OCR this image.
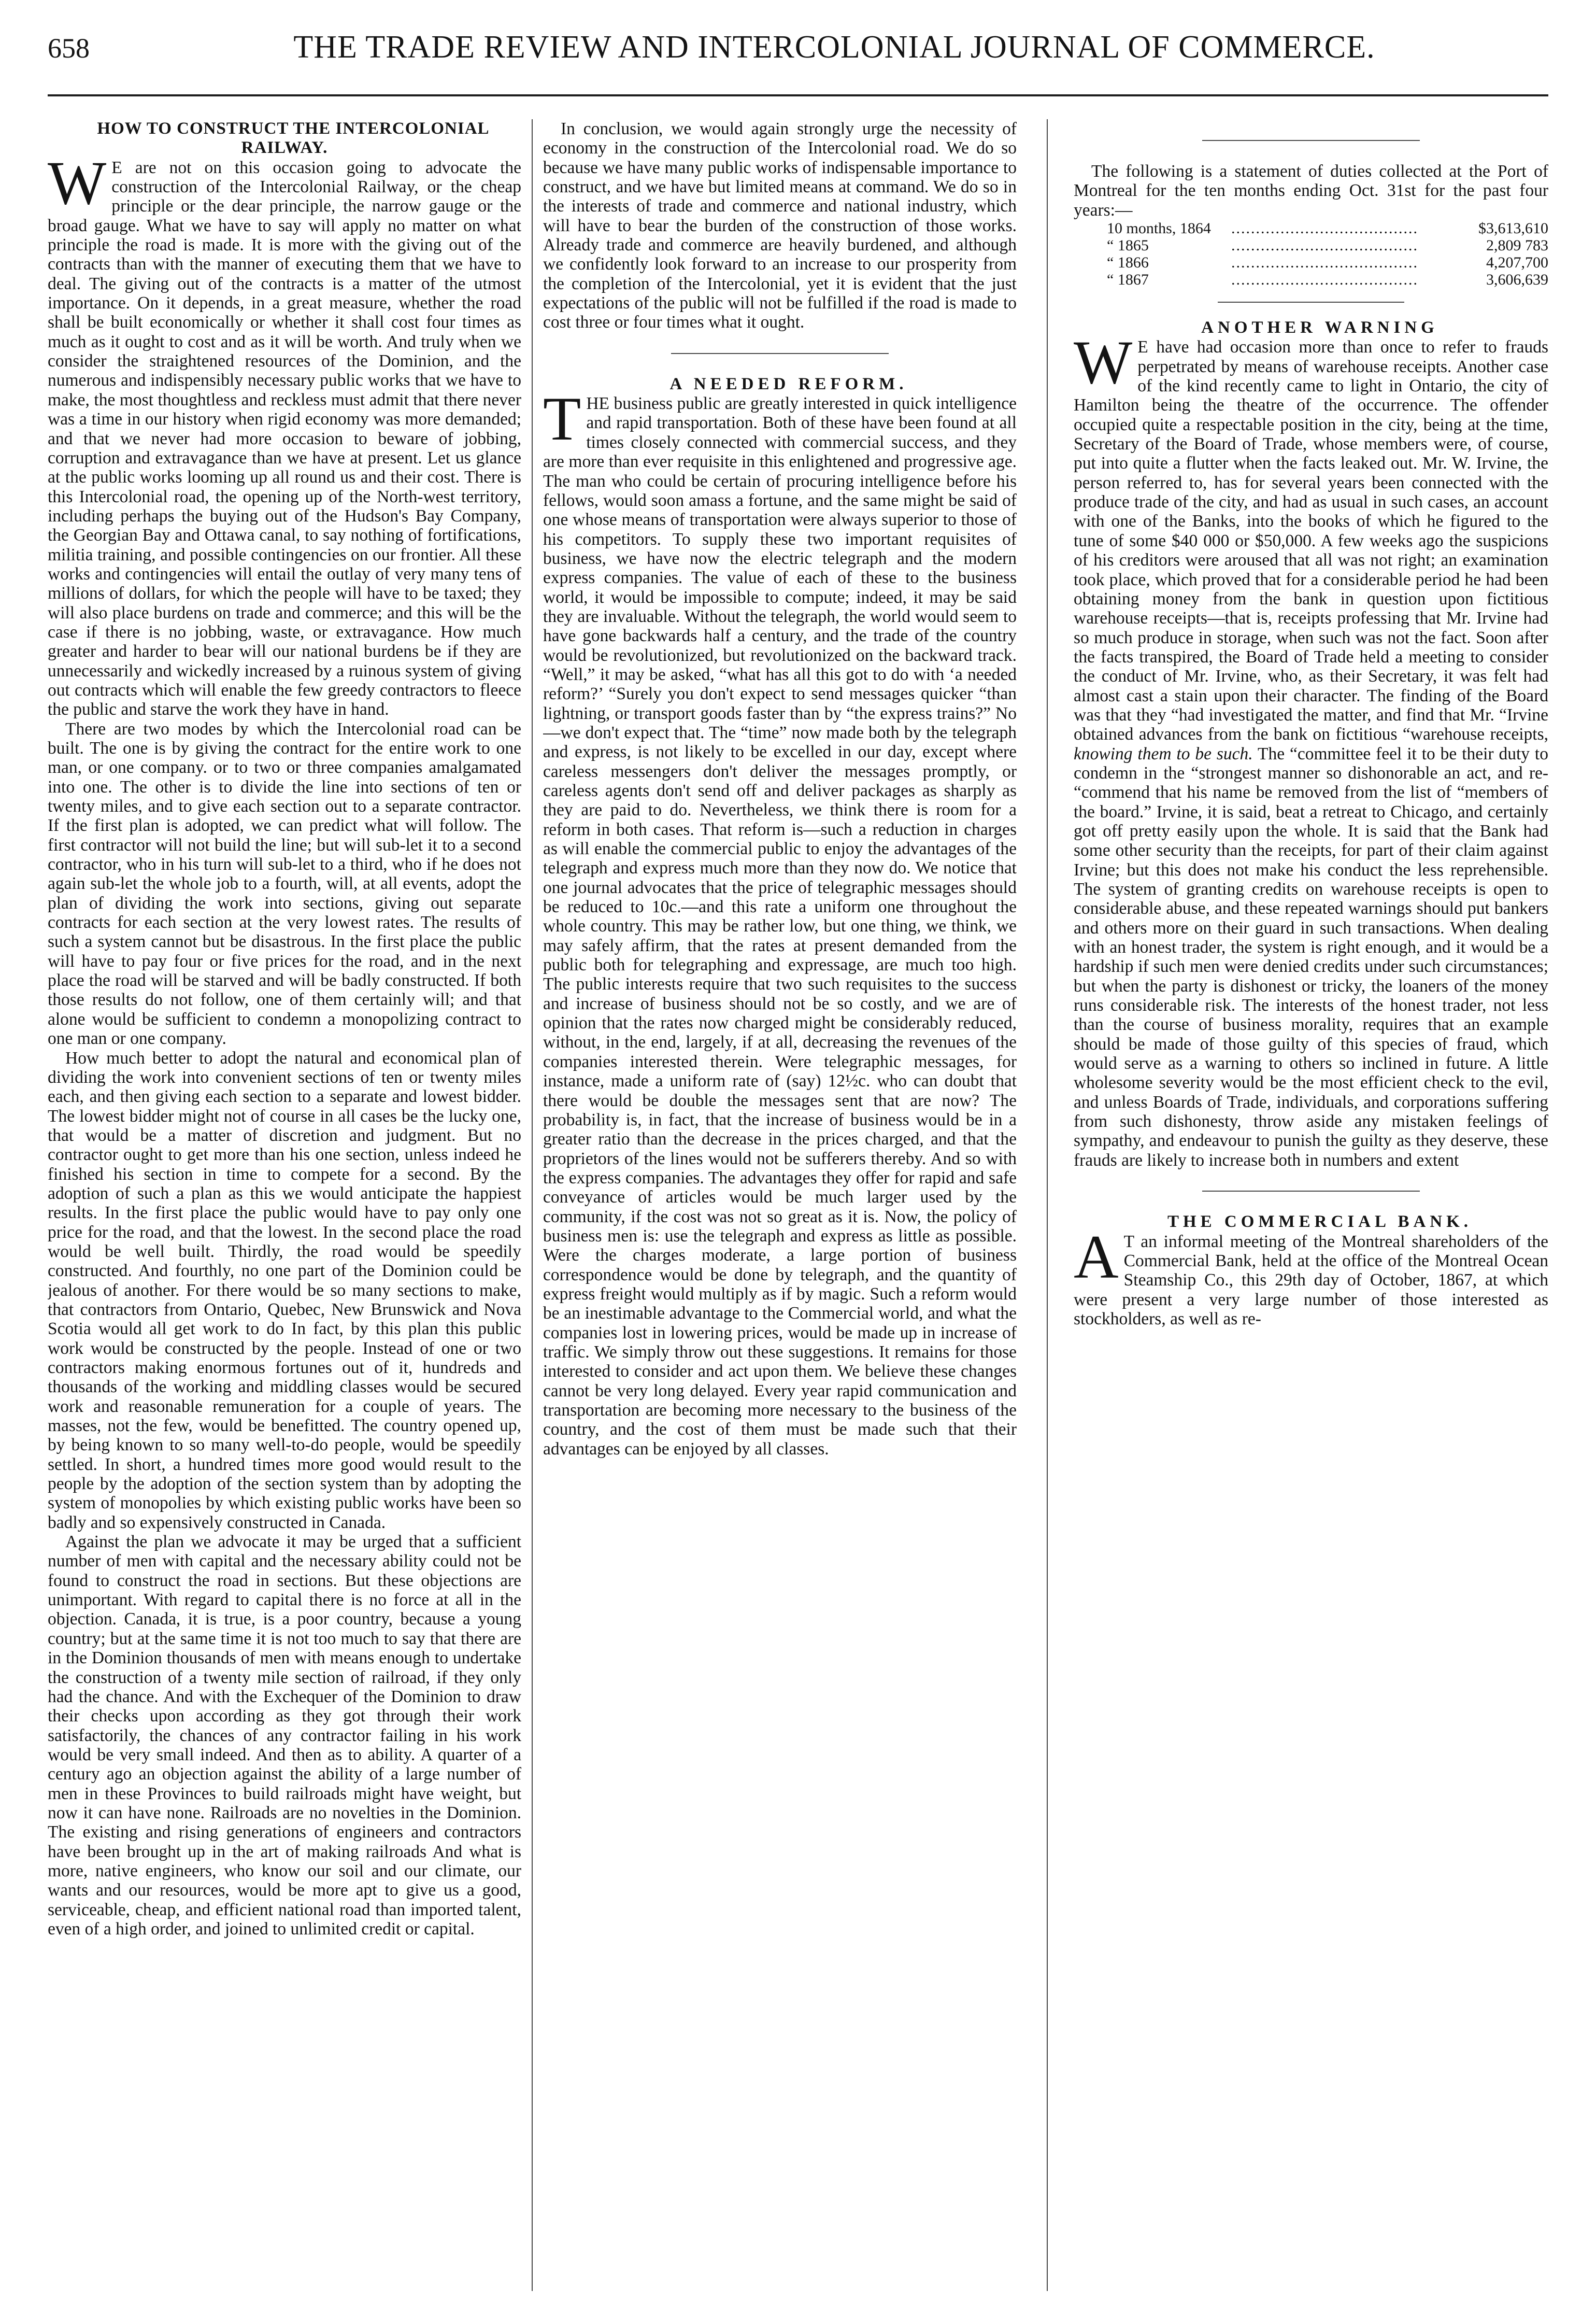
658	THE TRADE REVIEW AND INTERCOLONIAL JOURNAL OF COMMERCE.

HOW TO CONSTRUCT THE INTERCOLONIAL RAILWAY.

W E are not on this occasion going to advocate the construction of the Intercolonial Railway, or the cheap principle or the dear principle, the narrow gauge or the broad gauge. What we have to say will apply no matter on what principle the road is made. It is more with the giving out of the contracts than with the manner of executing them that we have to deal. The giving out of the contracts is a matter of the utmost importance. On it depends, in a great measure, whether the road shall be built economically or whether it shall cost four times as much as it ought to cost and as it will be worth. And truly when we consider the straightened resources of the Dominion, and the numerous and indispensibly necessary public works that we have to make, the most thoughtless and reckless must admit that there never was a time in our history when rigid economy was more demanded; and that we never had more occasion to beware of jobbing, corruption and extravagance than we have at present. Let us glance at the public works looming up all round us and their cost. There is this Intercolonial road, the opening up of the North-west territory, including perhaps the buying out of the Hudson's Bay Company, the Georgian Bay and Ottawa canal, to say nothing of fortifications, militia training, and possible contingencies on our frontier. All these works and contingencies will entail the outlay of very many tens of millions of dollars, for which the people will have to be taxed; they will also place burdens on trade and commerce; and this will be the case if there is no jobbing, waste, or extravagance. How much greater and harder to bear will our national burdens be if they are unnecessarily and wickedly increased by a ruinous system of giving out contracts which will enable the few greedy contractors to fleece the public and starve the work they have in hand.

There are two modes by which the Intercolonial road can be built. The one is by giving the contract for the entire work to one man, or one company. or to two or three companies amalgamated into one. The other is to divide the line into sections of ten or twenty miles, and to give each section out to a separate contractor. If the first plan is adopted, we can predict what will follow. The first contractor will not build the line; but will sub-let it to a second contractor, who in his turn will sub-let to a third, who if he does not again sub-let the whole job to a fourth, will, at all events, adopt the plan of dividing the work into sections, giving out separate contracts for each section at the very lowest rates. The results of such a system cannot but be disastrous. In the first place the public will have to pay four or five prices for the road, and in the next place the road will be starved and will be badly constructed. If both those results do not follow, one of them certainly will; and that alone would be sufficient to condemn a monopolizing contract to one man or one company.

How much better to adopt the natural and economical plan of dividing the work into convenient sections of ten or twenty miles each, and then giving each section to a separate and lowest bidder. The lowest bidder might not of course in all cases be the lucky one, that would be a matter of discretion and judgment. But no contractor ought to get more than his one section, unless indeed he finished his section in time to compete for a second. By the adoption of such a plan as this we would anticipate the happiest results. In the first place the public would have to pay only one price for the road, and that the lowest. In the second place the road would be well built. Thirdly, the road would be speedily constructed. And fourthly, no one part of the Dominion could be jealous of another. For there would be so many sections to make, that contractors from Ontario, Quebec, New Brunswick and Nova Scotia would all get work to do In fact, by this plan this public work would be constructed by the people. Instead of one or two contractors making enormous fortunes out of it, hundreds and thousands of the working and middling classes would be secured work and reasonable remuneration for a couple of years. The masses, not the few, would be benefitted. The country opened up, by being known to so many well-to-do people, would be speedily settled. In short, a hundred times more good would result to the people by the adoption of the section system than by adopting the system of monopolies by which existing public works have been so badly and so expensively constructed in Canada.

Against the plan we advocate it may be urged that a sufficient number of men with capital and the necessary ability could not be found to construct the road in sections. But these objections are unimportant. With regard to capital there is no force at all in the objection. Canada, it is true, is a poor country, because a young country; but at the same time it is not too much to say that there are in the Dominion thousands of men with means enough to undertake the construction of a twenty mile section of railroad, if they only had the chance. And with the Exchequer of the Dominion to draw their checks upon according as they got through their work satisfactorily, the chances of any contractor failing in his work would be very small indeed. And then as to ability. A quarter of a century ago an objection against the ability of a large number of men in these Provinces to build railroads might have weight, but now it can have none. Railroads are no novelties in the Dominion. The existing and rising generations of engineers and contractors have been brought up in the art of making railroads And what is more, native engineers, who know our soil and our climate, our wants and our resources, would be more apt to give us a good, serviceable, cheap, and efficient national road than imported talent, even of a high order, and joined to unlimited credit or capital.

In conclusion, we would again strongly urge the necessity of economy in the construction of the Intercolonial road. We do so because we have many public works of indispensable importance to construct, and we have but limited means at command. We do so in the interests of trade and commerce and national industry, which will have to bear the burden of the construction of those works. Already trade and commerce are heavily burdened, and although we confidently look forward to an increase to our prosperity from the completion of the Intercolonial, yet it is evident that the just expectations of the public will not be fulfilled if the road is made to cost three or four times what it ought.

A NEEDED REFORM.

THE business public are greatly interested in quick intelligence and rapid transportation. Both of these have been found at all times closely connected with commercial success, and they are more than ever requisite in this enlightened and progressive age. The man who could be certain of procuring intelligence before his fellows, would soon amass a fortune, and the same might be said of one whose means of transportation were always superior to those of his competitors. To supply these two important requisites of business, we have now the electric telegraph and the modern express companies. The value of each of these to the business world, it would be impossible to compute; indeed, it may be said they are invaluable. Without the telegraph, the world would seem to have gone backwards half a century, and the trade of the country would be revolutionized, but revolutionized on the backward track. “Well,” it may be asked, “what has all this got to do with ‘a needed reform?’ “Surely you don't expect to send messages quicker “than lightning, or transport goods faster than by “the express trains?” No—we don't expect that. The “time” now made both by the telegraph and express, is not likely to be excelled in our day, except where careless messengers don't deliver the messages promptly, or careless agents don't send off and deliver packages as sharply as they are paid to do. Nevertheless, we think there is room for a reform in both cases. That reform is—such a reduction in charges as will enable the commercial public to enjoy the advantages of the telegraph and express much more than they now do. We notice that one journal advocates that the price of telegraphic messages should be reduced to 10c.—and this rate a uniform one throughout the whole country. This may be rather low, but one thing, we think, we may safely affirm, that the rates at present demanded from the public both for telegraphing and expressage, are much too high. The public interests require that two such requisites to the success and increase of business should not be so costly, and we are of opinion that the rates now charged might be considerably reduced, without, in the end, largely, if at all, decreasing the revenues of the companies interested therein. Were telegraphic messages, for instance, made a uniform rate of (say) 12½c. who can doubt that there would be double the messages sent that are now? The probability is, in fact, that the increase of business would be in a greater ratio than the decrease in the prices charged, and that the proprietors of the lines would not be sufferers thereby. And so with the express companies. The advantages they offer for rapid and safe conveyance of articles would be much larger used by the community, if the cost was not so great as it is. Now, the policy of business men is: use the telegraph and express as little as possible. Were the charges moderate, a large portion of business correspondence would be done by telegraph, and the quantity of express freight would multiply as if by magic. Such a reform would be an inestimable advantage to the Commercial world, and what the companies lost in lowering prices, would be made up in increase of traffic. We simply throw out these suggestions. It remains for those interested to consider and act upon them. We believe these changes cannot be very long delayed. Every year rapid communication and transportation are becoming more necessary to the business of the country, and the cost of them must be made such that their advantages can be enjoyed by all classes.

The following is a statement of duties collected at the Port of Montreal for the ten months ending Oct. 31st for the past four years:—

10 months, 1864	......................................	$3,613,610
“ 1865	......................................	2,809 783
“ 1866	......................................	4,207,700
“ 1867	......................................	3,606,639

ANOTHER WARNING

W E have had occasion more than once to refer to frauds perpetrated by means of warehouse receipts. Another case of the kind recently came to light in Ontario, the city of Hamilton being the theatre of the occurrence. The offender occupied quite a respectable position in the city, being at the time, Secretary of the Board of Trade, whose members were, of course, put into quite a flutter when the facts leaked out. Mr. W. Irvine, the person referred to, has for several years been connected with the produce trade of the city, and had as usual in such cases, an account with one of the Banks, into the books of which he figured to the tune of some $40 000 or $50,000. A few weeks ago the suspicions of his creditors were aroused that all was not right; an examination took place, which proved that for a considerable period he had been obtaining money from the bank in question upon fictitious warehouse receipts—that is, receipts professing that Mr. Irvine had so much produce in storage, when such was not the fact. Soon after the facts transpired, the Board of Trade held a meeting to consider the conduct of Mr. Irvine, who, as their Secretary, it was felt had almost cast a stain upon their character. The finding of the Board was that they “had investigated the matter, and find that Mr. “Irvine obtained advances from the bank on fictitious “warehouse receipts, knowing them to be such. The “committee feel it to be their duty to condemn in the “strongest manner so dishonorable an act, and re- “commend that his name be removed from the list of “members of the board.” Irvine, it is said, beat a retreat to Chicago, and certainly got off pretty easily upon the whole. It is said that the Bank had some other security than the receipts, for part of their claim against Irvine; but this does not make his conduct the less reprehensible. The system of granting credits on warehouse receipts is open to considerable abuse, and these repeated warnings should put bankers and others more on their guard in such transactions. When dealing with an honest trader, the system is right enough, and it would be a hardship if such men were denied credits under such circumstances; but when the party is dishonest or tricky, the loaners of the money runs considerable risk. The interests of the honest trader, not less than the course of business morality, requires that an example should be made of those guilty of this species of fraud, which would serve as a warning to others so inclined in future. A little wholesome severity would be the most efficient check to the evil, and unless Boards of Trade, individuals, and corporations suffering from such dishonesty, throw aside any mistaken feelings of sympathy, and endeavour to punish the guilty as they deserve, these frauds are likely to increase both in numbers and extent

THE COMMERCIAL BANK.

A T an informal meeting of the Montreal shareholders of the Commercial Bank, held at the office of the Montreal Ocean Steamship Co., this 29th day of October, 1867, at which were present a very large number of those interested as stockholders, as well as re-
